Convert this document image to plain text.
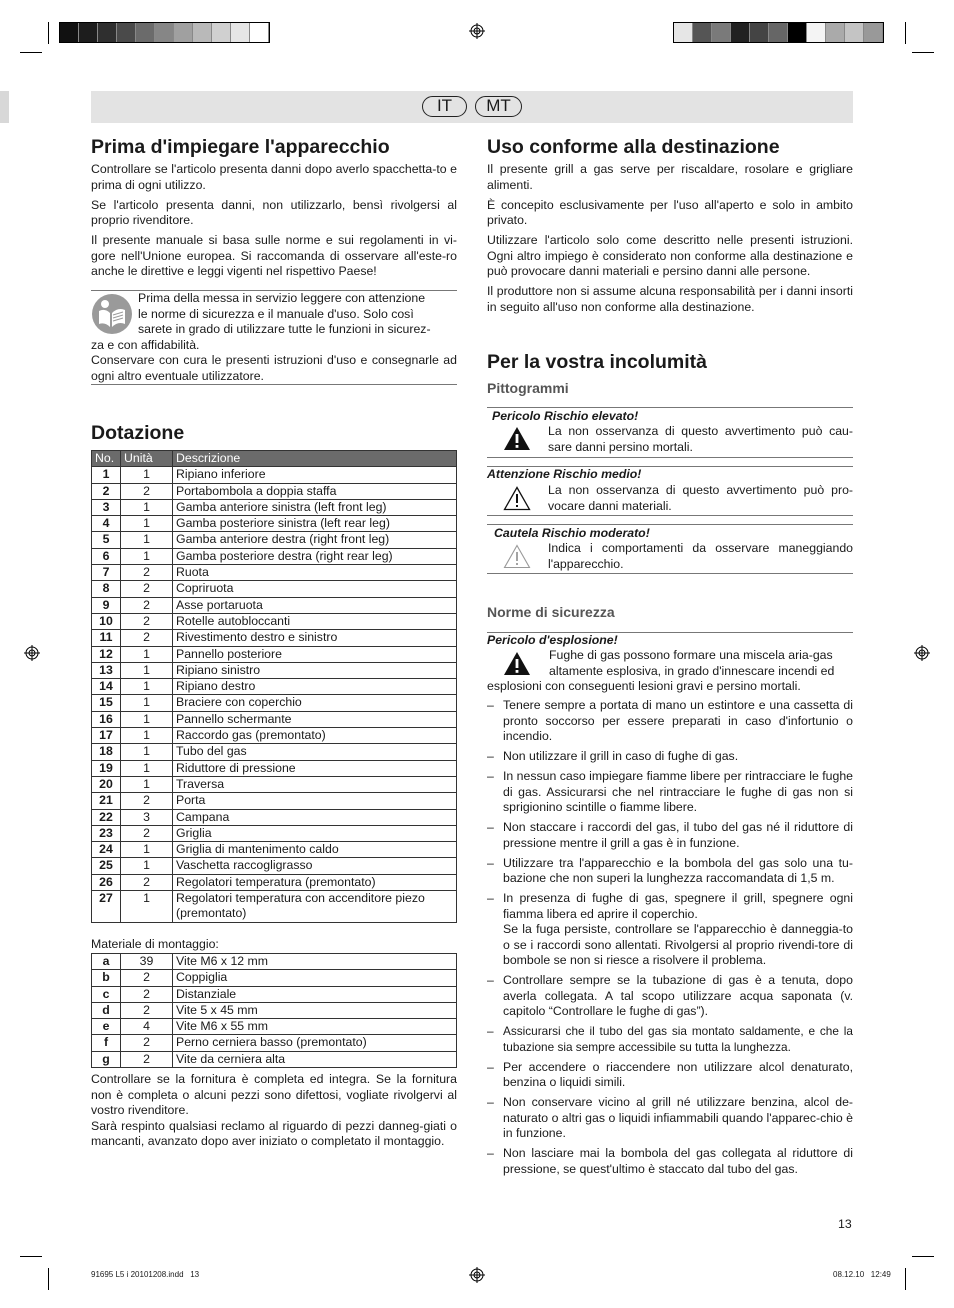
IT	MT
Prima d'impiegare l'apparecchio

Controllare se l'articolo presenta danni dopo averlo spacchetta-to e prima di ogni utilizzo.

Se l'articolo presenta danni, non utilizzarlo, bensì rivolgersi al proprio rivenditore.

Il presente manuale si basa sulle norme e sui regolamenti in vi-gore nell'Unione europea. Si raccomanda di osservare all'este-ro anche le direttive e leggi vigenti nel rispettivo Paese!

Prima della messa in servizio leggere con attenzione
le norme di sicurezza e il manuale d'uso. Solo così
sarete in grado di utilizzare tutte le funzioni in sicurez-
za e con affidabilità.
Conservare con cura le presenti istruzioni d'uso e consegnarle ad ogni altro eventuale utilizzatore.
Dotazione
No.	Unità	Descrizione
1	1	Ripiano inferiore
2	2	Portabombola a doppia staffa
3	1	Gamba anteriore sinistra (left front leg)
4	1	Gamba posteriore sinistra (left rear leg)
5	1	Gamba anteriore destra (right front leg)
6	1	Gamba posteriore destra (right rear leg)
7	2	Ruota
8	2	Copriruota
9	2	Asse portaruota
10	2	Rotelle autobloccanti
11	2	Rivestimento destro e sinistro
12	1	Pannello posteriore
13	1	Ripiano sinistro
14	1	Ripiano destro
15	1	Braciere con coperchio
16	1	Pannello schermante
17	1	Raccordo gas (premontato)
18	1	Tubo del gas
19	1	Riduttore di pressione
20	1	Traversa
21	2	Porta
22	3	Campana
23	2	Griglia
24	1	Griglia di mantenimento caldo
25	1	Vaschetta raccogligrasso
26	2	Regolatori temperatura (premontato)
27	1	Regolatori temperatura con accenditore piezo (premontato)
Materiale di montaggio:
a	39	Vite M6 x 12 mm
b	2	Coppiglia
c	2	Distanziale
d	2	Vite 5 x 45 mm
e	4	Vite M6 x 55 mm
f	2	Perno cerniera basso (premontato)
g	2	Vite da cerniera alta
Controllare se la fornitura è completa ed integra. Se la fornitura non è completa o alcuni pezzi sono difettosi, vogliate rivolgervi al vostro rivenditore.
Sarà respinto qualsiasi reclamo al riguardo di pezzi danneg-giati o mancanti, avanzato dopo aver iniziato o completato il montaggio.
Uso conforme alla destinazione

Il presente grill a gas serve per riscaldare, rosolare e grigliare alimenti.

È concepito esclusivamente per l'uso all'aperto e solo in ambito privato.

Utilizzare l'articolo solo come descritto nelle presenti istruzioni. Ogni altro impiego è considerato non conforme alla destinazione e può provocare danni materiali e persino danni alle persone.

Il produttore non si assume alcuna responsabilità per i danni insorti in seguito all'uso non conforme alla destinazione.

Per la vostra incolumità
Pittogrammi
Pericolo Rischio elevato!
La non osservanza di questo avvertimento può cau-sare danni persino mortali.
Attenzione Rischio medio!
La non osservanza di questo avvertimento può pro-vocare danni materiali.
Cautela Rischio moderato!
Indica i comportamenti da osservare maneggiando l'apparecchio.
Norme di sicurezza
Pericolo d'esplosione!
Fughe di gas possono formare una miscela aria-gas
altamente esplosiva, in grado d'innescare incendi ed
esplosioni con conseguenti lesioni gravi e persino mortali.
– Tenere sempre a portata di mano un estintore e una cassetta di pronto soccorso per essere preparati in caso d'infortunio o incendio.
– Non utilizzare il grill in caso di fughe di gas.
– In nessun caso impiegare fiamme libere per rintracciare le fughe di gas. Assicurarsi che nel rintracciare le fughe di gas non si sprigionino scintille o fiamme libere.
– Non staccare i raccordi del gas, il tubo del gas né il riduttore di pressione mentre il grill a gas è in funzione.
– Utilizzare tra l'apparecchio e la bombola del gas solo una tu-bazione che non superi la lunghezza raccomandata di 1,5 m.
– In presenza di fughe di gas, spegnere il grill, spegnere ogni fiamma libera ed aprire il coperchio.
Se la fuga persiste, controllare se l'apparecchio è danneggia-to o se i raccordi sono allentati. Rivolgersi al proprio rivendi-tore di bombole se non si riesce a risolvere il problema.
– Controllare sempre se la tubazione di gas è a tenuta, dopo averla collegata. A tal scopo utilizzare acqua saponata (v. capitolo “Controllare le fughe di gas”).
– Assicurarsi che il tubo del gas sia montato saldamente, e che la tubazione sia sempre accessibile su tutta la lunghezza.
– Per accendere o riaccendere non utilizzare alcol denaturato, benzina o liquidi simili.
– Non conservare vicino al grill né utilizzare benzina, alcol de-naturato o altri gas o liquidi infiammabili quando l'apparec-chio è in funzione.
– Non lasciare mai la bombola del gas collegata al riduttore di pressione, se quest'ultimo è staccato dal tubo del gas.
13
91695 L5 i 20101208.indd   13	08.12.10   12:49
